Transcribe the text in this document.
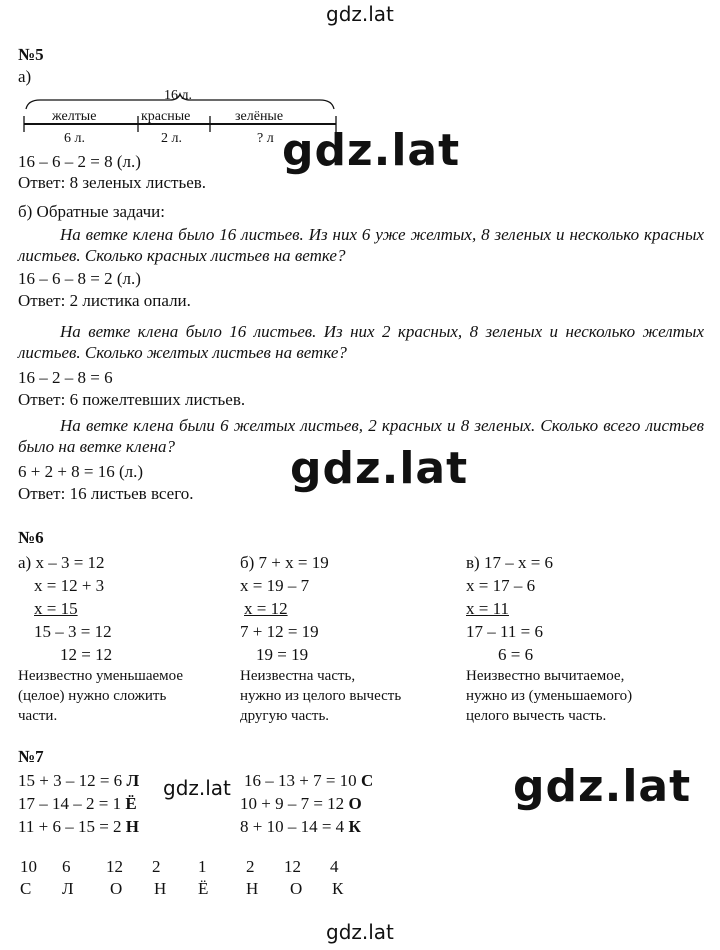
gdz.lat
gdz.lat
gdz.lat
gdz.lat
gdz.lat
gdz.lat
№5
а)
16 л.
желтые	красные	зелёные
6 л.	2 л.	? л
16 – 6 – 2 = 8 (л.)
Ответ: 8 зеленых листьев.
б) Обратные задачи:
На ветке клена было 16 листьев. Из них 6 уже желтых, 8 зеленых и несколько красных листьев. Сколько красных листьев на ветке?
16 – 6 – 8 = 2 (л.)
Ответ: 2 листика опали.
На ветке клена было 16 листьев. Из них 2 красных, 8 зеленых и несколько желтых листьев. Сколько желтых листьев на ветке?
16 – 2 – 8 = 6
Ответ: 6 пожелтевших листьев.
На ветке клена были 6 желтых листьев, 2 красных и 8 зеленых. Сколько всего листьев было на ветке клена?
6 + 2 + 8 = 16 (л.)
Ответ: 16 листьев всего.
№6
а) x – 3 = 12
x = 12 + 3
x = 15
15 – 3 = 12
12 = 12
Неизвестно уменьшаемое
(целое) нужно сложить
части.
б) 7 + x = 19
x = 19 – 7
x = 12
7 + 12 = 19
19 = 19
Неизвестна часть,
нужно из целого вычесть
другую часть.
в) 17 – x = 6
x = 17 – 6
x = 11
17 – 11 = 6
6 = 6
Неизвестно вычитаемое,
нужно из (уменьшаемого)
целого вычесть часть.
№7
15 + 3 – 12 = 6 Л
17 – 14 – 2 = 1 Ё
11 + 6 – 15 = 2 Н
16 – 13 + 7 = 10 С
10 + 9 – 7 = 12 О
8 + 10 – 14 = 4 К
10 6 12 2 1 2 12 4
С Л О Н Ё Н О К
